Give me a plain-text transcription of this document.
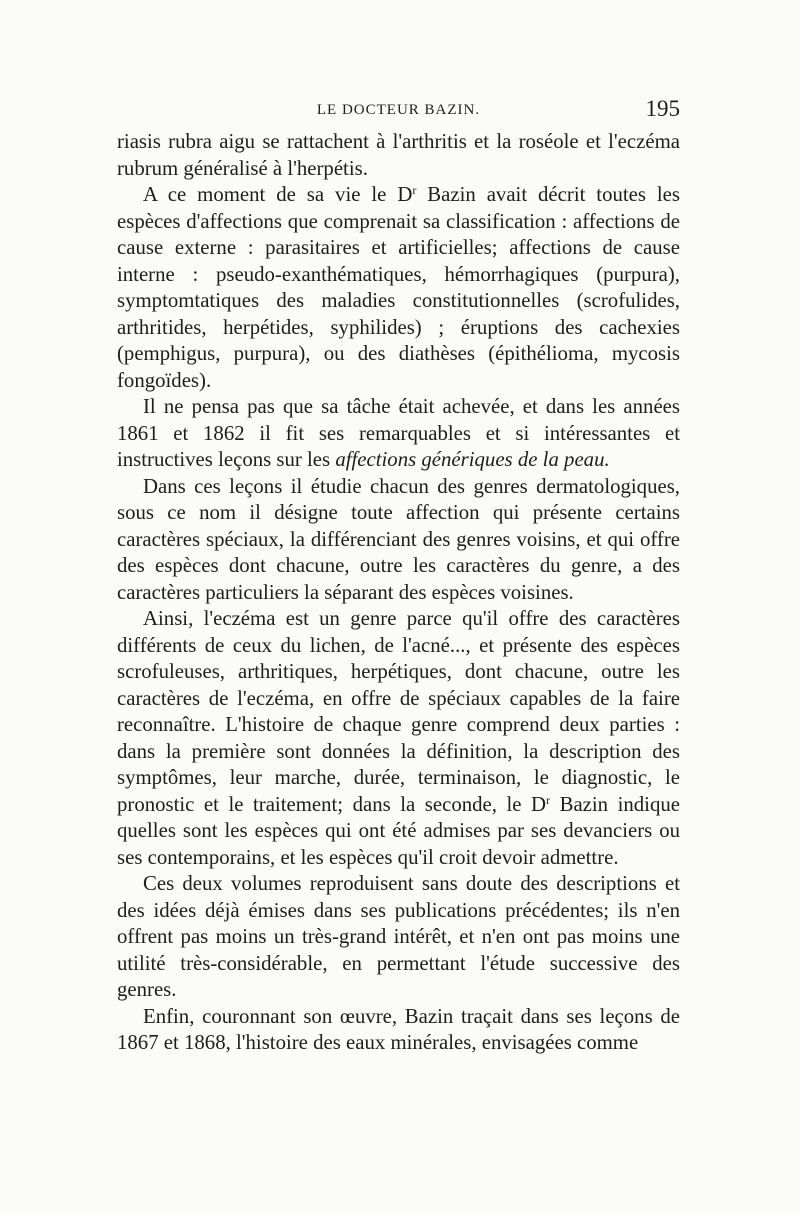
LE DOCTEUR BAZIN.	195

riasis rubra aigu se rattachent à l'arthritis et la roséole et l'eczéma rubrum généralisé à l'herpétis.

A ce moment de sa vie le $D^r$ Bazin avait décrit toutes les espèces d'affections que comprenait sa classification : affections de cause externe : parasitaires et artificielles; affections de cause interne : pseudo-exanthématiques, hémorrhagiques (purpura), symptomtatiques des maladies constitutionnelles (scrofulides, arthritides, herpétides, syphilides) ; éruptions des cachexies (pemphigus, purpura), ou des diathèses (épithélioma, mycosis fongoïdes).

Il ne pensa pas que sa tâche était achevée, et dans les années 1861 et 1862 il fit ses remarquables et si intéressantes et instructives leçons sur les affections génériques de la peau.

Dans ces leçons il étudie chacun des genres dermatologiques, sous ce nom il désigne toute affection qui présente certains caractères spéciaux, la différenciant des genres voisins, et qui offre des espèces dont chacune, outre les caractères du genre, a des caractères particuliers la séparant des espèces voisines.

Ainsi, l'eczéma est un genre parce qu'il offre des caractères différents de ceux du lichen, de l'acné..., et présente des espèces scrofuleuses, arthritiques, herpétiques, dont chacune, outre les caractères de l'eczéma, en offre de spéciaux capables de la faire reconnaître. L'histoire de chaque genre comprend deux parties : dans la première sont données la définition, la description des symptômes, leur marche, durée, terminaison, le diagnostic, le pronostic et le traitement; dans la seconde, le $D^r$ Bazin indique quelles sont les espèces qui ont été admises par ses devanciers ou ses contemporains, et les espèces qu'il croit devoir admettre.

Ces deux volumes reproduisent sans doute des descriptions et des idées déjà émises dans ses publications précédentes; ils n'en offrent pas moins un très-grand intérêt, et n'en ont pas moins une utilité très-considérable, en permettant l'étude successive des genres.

Enfin, couronnant son œuvre, Bazin traçait dans ses leçons de 1867 et 1868, l'histoire des eaux minérales, envisagées comme
